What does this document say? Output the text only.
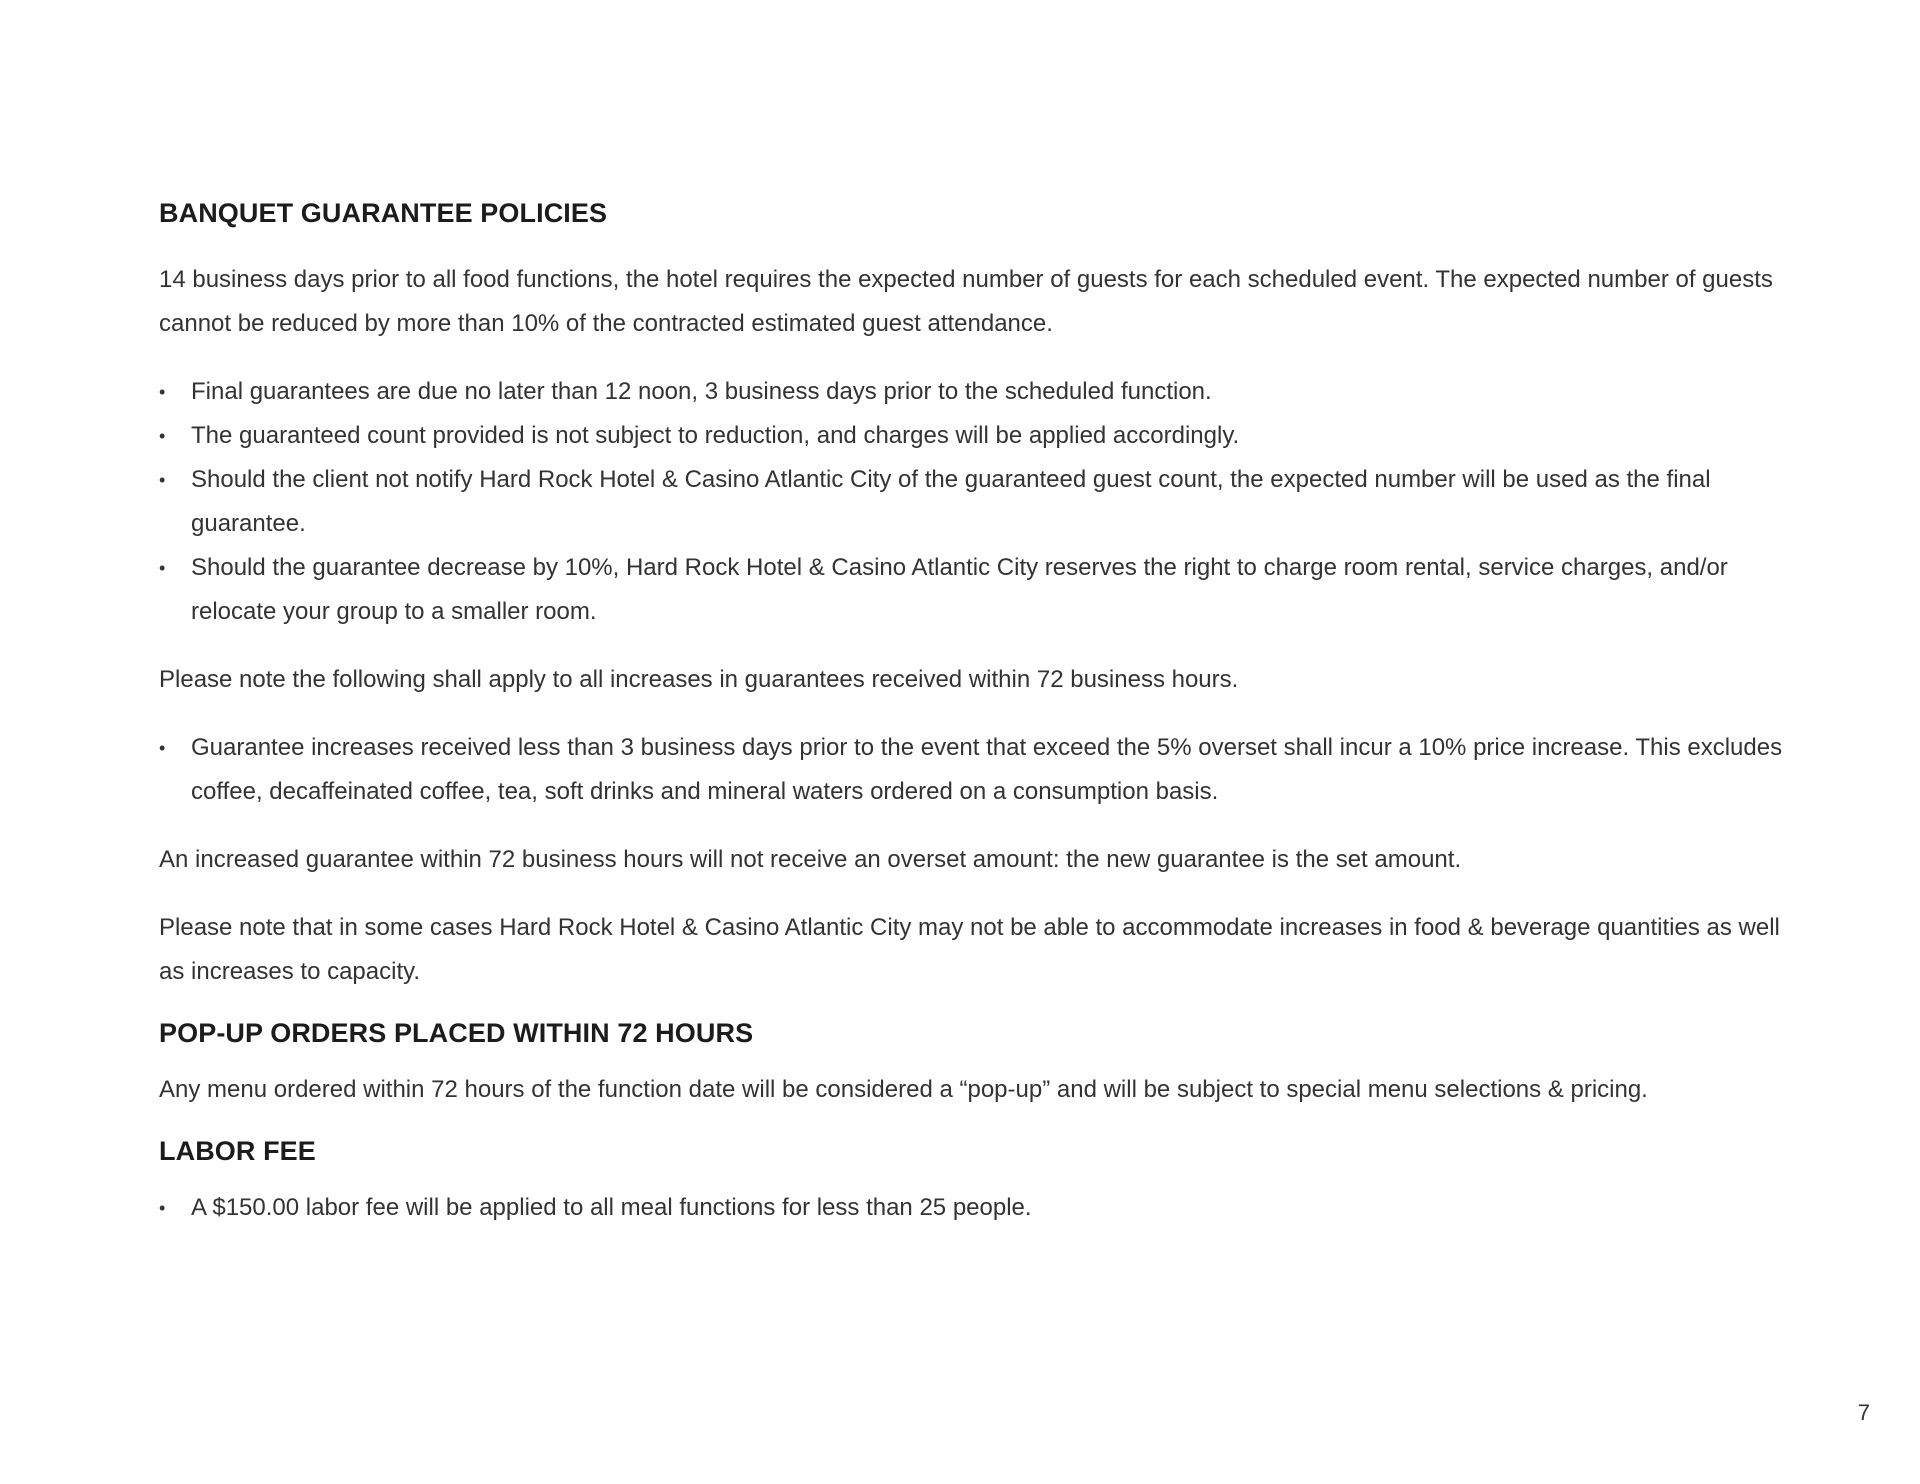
BANQUET GUARANTEE POLICIES

14 business days prior to all food functions, the hotel requires the expected number of guests for each scheduled event. The expected number of guests cannot be reduced by more than 10% of the contracted estimated guest attendance.

•	Final guarantees are due no later than 12 noon, 3 business days prior to the scheduled function.
•	The guaranteed count provided is not subject to reduction, and charges will be applied accordingly.
•	Should the client not notify Hard Rock Hotel & Casino Atlantic City of the guaranteed guest count, the expected number will be used as the final guarantee.
•	Should the guarantee decrease by 10%, Hard Rock Hotel & Casino Atlantic City reserves the right to charge room rental, service charges, and/or relocate your group to a smaller room.

Please note the following shall apply to all increases in guarantees received within 72 business hours.

•	Guarantee increases received less than 3 business days prior to the event that exceed the 5% overset shall incur a 10% price increase. This excludes coffee, decaffeinated coffee, tea, soft drinks and mineral waters ordered on a consumption basis.

An increased guarantee within 72 business hours will not receive an overset amount: the new guarantee is the set amount.

Please note that in some cases Hard Rock Hotel & Casino Atlantic City may not be able to accommodate increases in food & beverage quantities as well as increases to capacity.

POP-UP ORDERS PLACED WITHIN 72 HOURS

Any menu ordered within 72 hours of the function date will be considered a “pop-up” and will be subject to special menu selections & pricing.

LABOR FEE
•	A $150.00 labor fee will be applied to all meal functions for less than 25 people.
7
